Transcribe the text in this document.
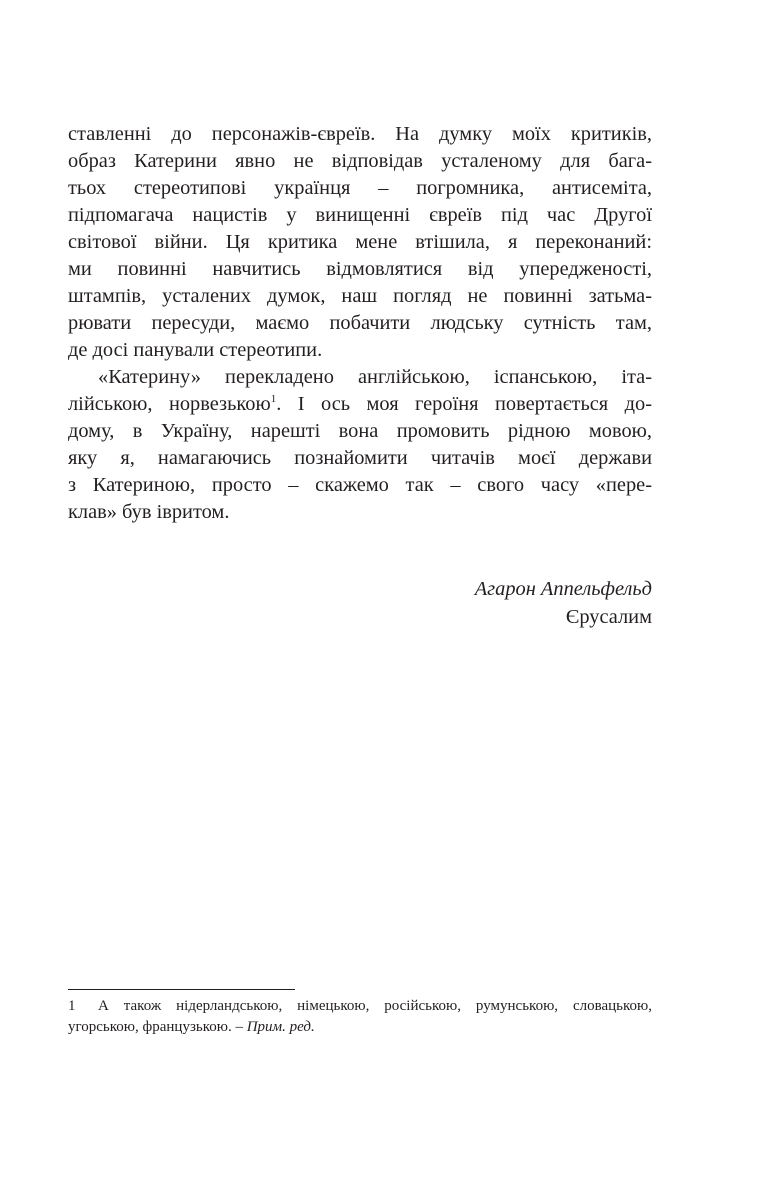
ставленні до персонажів-євреїв. На думку моїх критиків,
образ Катерини явно не відповідав усталеному для бага-
тьох стереотипові українця – погромника, антисеміта,
підпомагача нацистів у винищенні євреїв під час Другої
світової війни. Ця критика мене втішила, я переконаний:
ми повинні навчитись відмовлятися від упередженості,
штампів, усталених думок, наш погляд не повинні затьма-
рювати пересуди, маємо побачити людську сутність там,
де досі панували стереотипи.
«Катерину» перекладено англійською, іспанською, іта-
лійською, норвезькою$^1$. І ось моя героїня повертається до-
дому, в Україну, нарешті вона промовить рідною мовою,
яку я, намагаючись познайомити читачів моєї держави
з Катериною, просто – скажемо так – свого часу «пере-
клав» був івритом.
Агарон Аппельфельд
Єрусалим
1	А також нідерландською, німецькою, російською, румунською, словацькою,
угорською, французькою. – Прим. ред.
